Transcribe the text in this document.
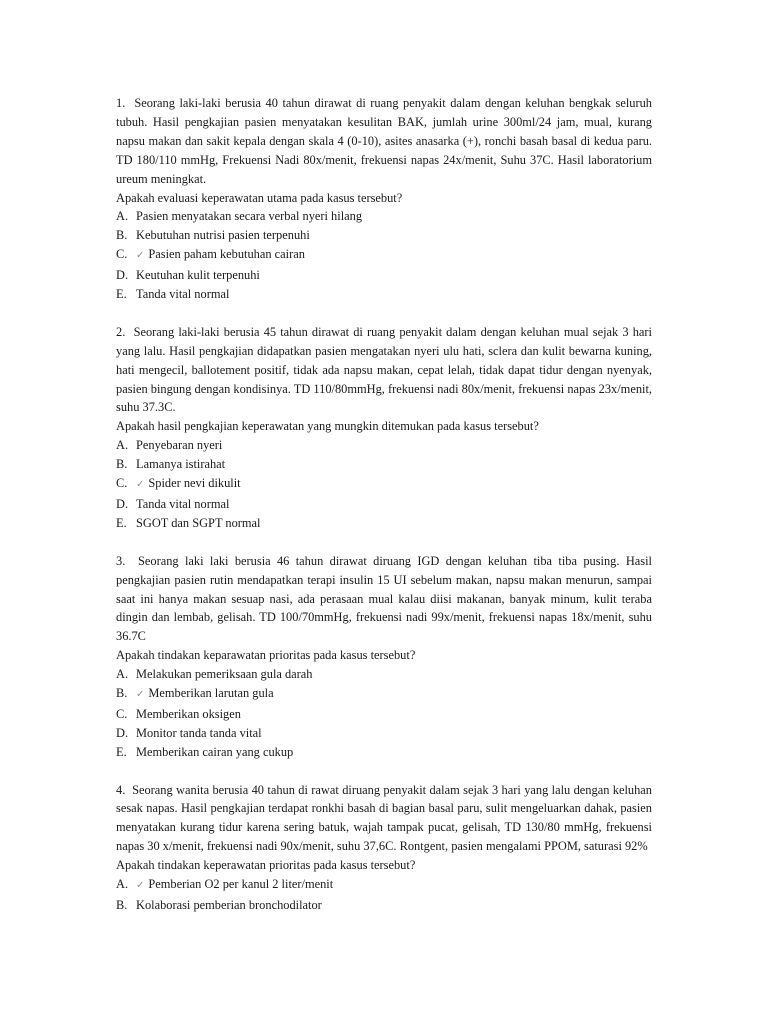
1. Seorang laki-laki berusia 40 tahun dirawat di ruang penyakit dalam dengan keluhan bengkak seluruh tubuh. Hasil pengkajian pasien menyatakan kesulitan BAK, jumlah urine 300ml/24 jam, mual, kurang napsu makan dan sakit kepala dengan skala 4 (0-10), asites anasarka (+), ronchi basah basal di kedua paru. TD 180/110 mmHg, Frekuensi Nadi 80x/menit, frekuensi napas 24x/menit, Suhu 37C. Hasil laboratorium ureum meningkat.

Apakah evaluasi keperawatan utama pada kasus tersebut?

A. Pasien menyatakan secara verbal nyeri hilang
B. Kebutuhan nutrisi pasien terpenuhi
C. ✓ Pasien paham kebutuhan cairan
D. Keutuhan kulit terpenuhi
E. Tanda vital normal

2. Seorang laki-laki berusia 45 tahun dirawat di ruang penyakit dalam dengan keluhan mual sejak 3 hari yang lalu. Hasil pengkajian didapatkan pasien mengatakan nyeri ulu hati, sclera dan kulit bewarna kuning, hati mengecil, ballotement positif, tidak ada napsu makan, cepat lelah, tidak dapat tidur dengan nyenyak, pasien bingung dengan kondisinya. TD 110/80mmHg, frekuensi nadi 80x/menit, frekuensi napas 23x/menit, suhu 37.3C.

Apakah hasil pengkajian keperawatan yang mungkin ditemukan pada kasus tersebut?

A. Penyebaran nyeri
B. Lamanya istirahat
C. ✓ Spider nevi dikulit
D. Tanda vital normal
E. SGOT dan SGPT normal

3. Seorang laki laki berusia 46 tahun dirawat diruang IGD dengan keluhan tiba tiba pusing. Hasil pengkajian pasien rutin mendapatkan terapi insulin 15 UI sebelum makan, napsu makan menurun, sampai saat ini hanya makan sesuap nasi, ada perasaan mual kalau diisi makanan, banyak minum, kulit teraba dingin dan lembab, gelisah. TD 100/70mmHg, frekuensi nadi 99x/menit, frekuensi napas 18x/menit, suhu 36.7C

Apakah tindakan keparawatan prioritas pada kasus tersebut?

A. Melakukan pemeriksaan gula darah
B. ✓ Memberikan larutan gula
C. Memberikan oksigen
D. Monitor tanda tanda vital
E. Memberikan cairan yang cukup

4. Seorang wanita berusia 40 tahun di rawat diruang penyakit dalam sejak 3 hari yang lalu dengan keluhan sesak napas. Hasil pengkajian terdapat ronkhi basah di bagian basal paru, sulit mengeluarkan dahak, pasien menyatakan kurang tidur karena sering batuk, wajah tampak pucat, gelisah, TD 130/80 mmHg, frekuensi napas 30 x/menit, frekuensi nadi 90x/menit, suhu 37,6C. Rontgent, pasien mengalami PPOM, saturasi 92%

Apakah tindakan keperawatan prioritas pada kasus tersebut?

A. ✓ Pemberian O2 per kanul 2 liter/menit
B. Kolaborasi pemberian bronchodilator
